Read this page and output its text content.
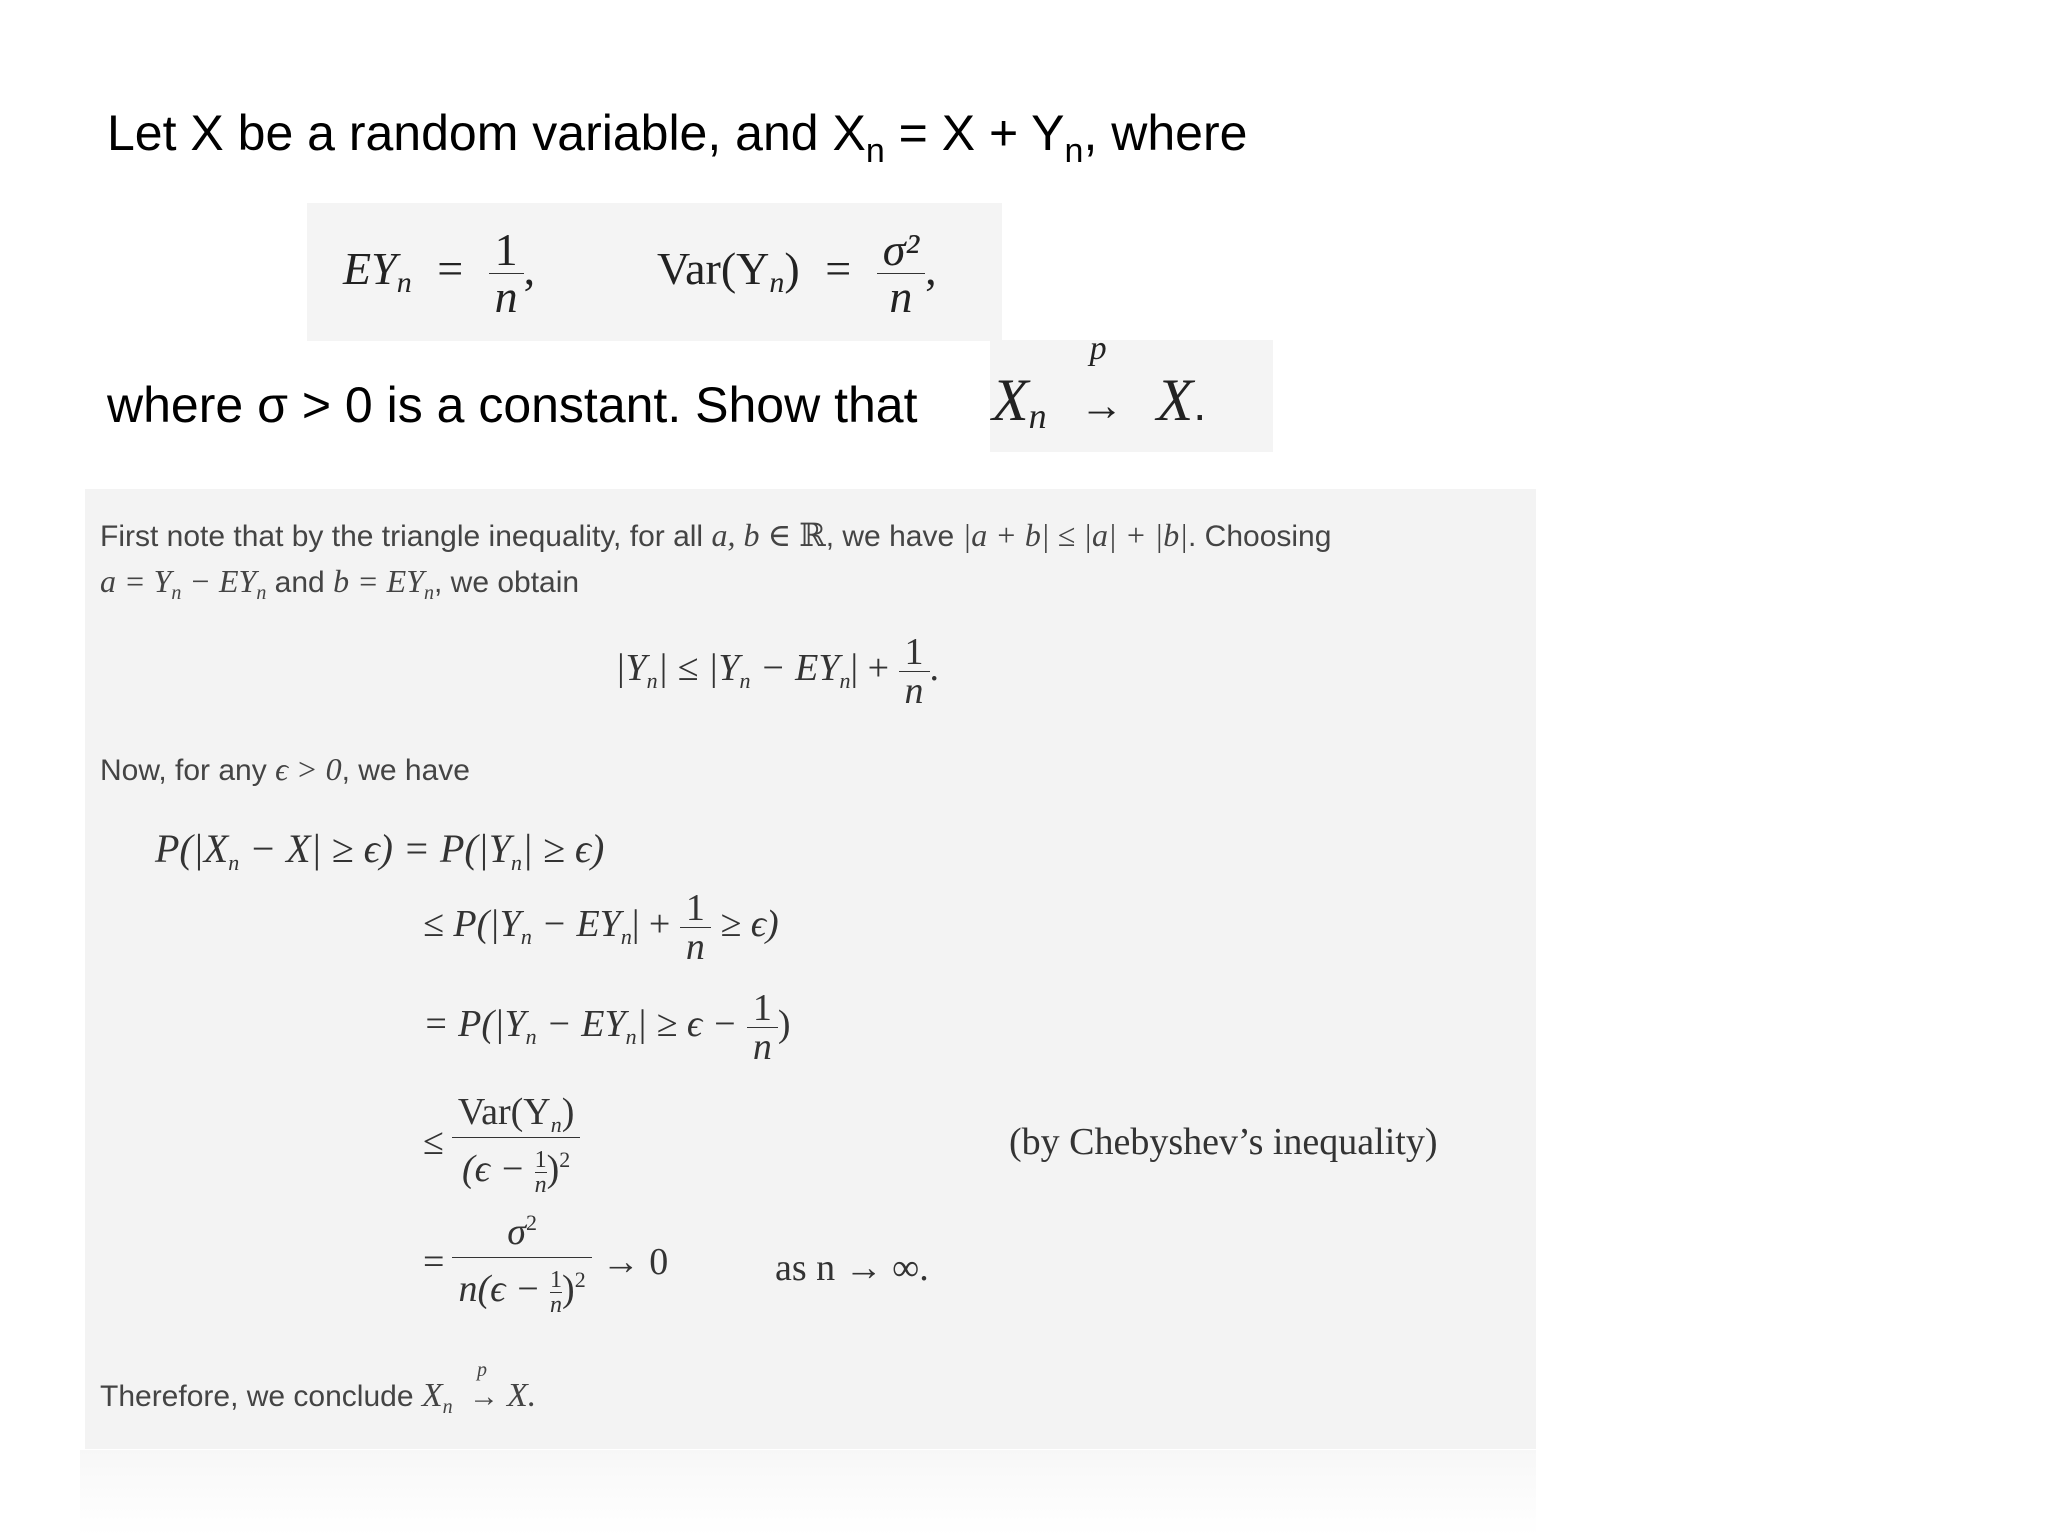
Let X be a random variable, and $X_n = X + Y_n$, where
$EY_n = \frac{1}{n}$ ,	$Var(Y_n) = \frac{\text{σ²}}{n}$ ,
where σ > 0 is a constant. Show that $X_n$
p
→ X.
First note that by the triangle inequality, for all a, b ∈ ℝ, we have |a + b| ≤ |a| + |b|. Choosing
$a = Y_n - EY_n$ and $b = EY_n$, we obtain
$|Y_n| \le |Y_n - EY_n| + \frac{1}{n}$ .
Now, for any ϵ > 0, we have
$P(|X_n - X| \ge \epsilon) = P(|Y_n| \ge \epsilon)$
≤ $P(|Y_n - EY_n| + \frac{1}{n} \ge \epsilon)$
= $P(|Y_n - EY_n| \ge \epsilon - \frac{1}{n}$ )
≤ $\frac{Var(Y_n)}{(\epsilon - \frac{1}{n} )^2}$	(by Chebyshev’s inequality)
= $\frac{\sigma^2}{n(\epsilon - \frac{1}{n} )^2} \to 0$	as n → ∞.
Therefore, we conclude $X_n$
p
→ X.
